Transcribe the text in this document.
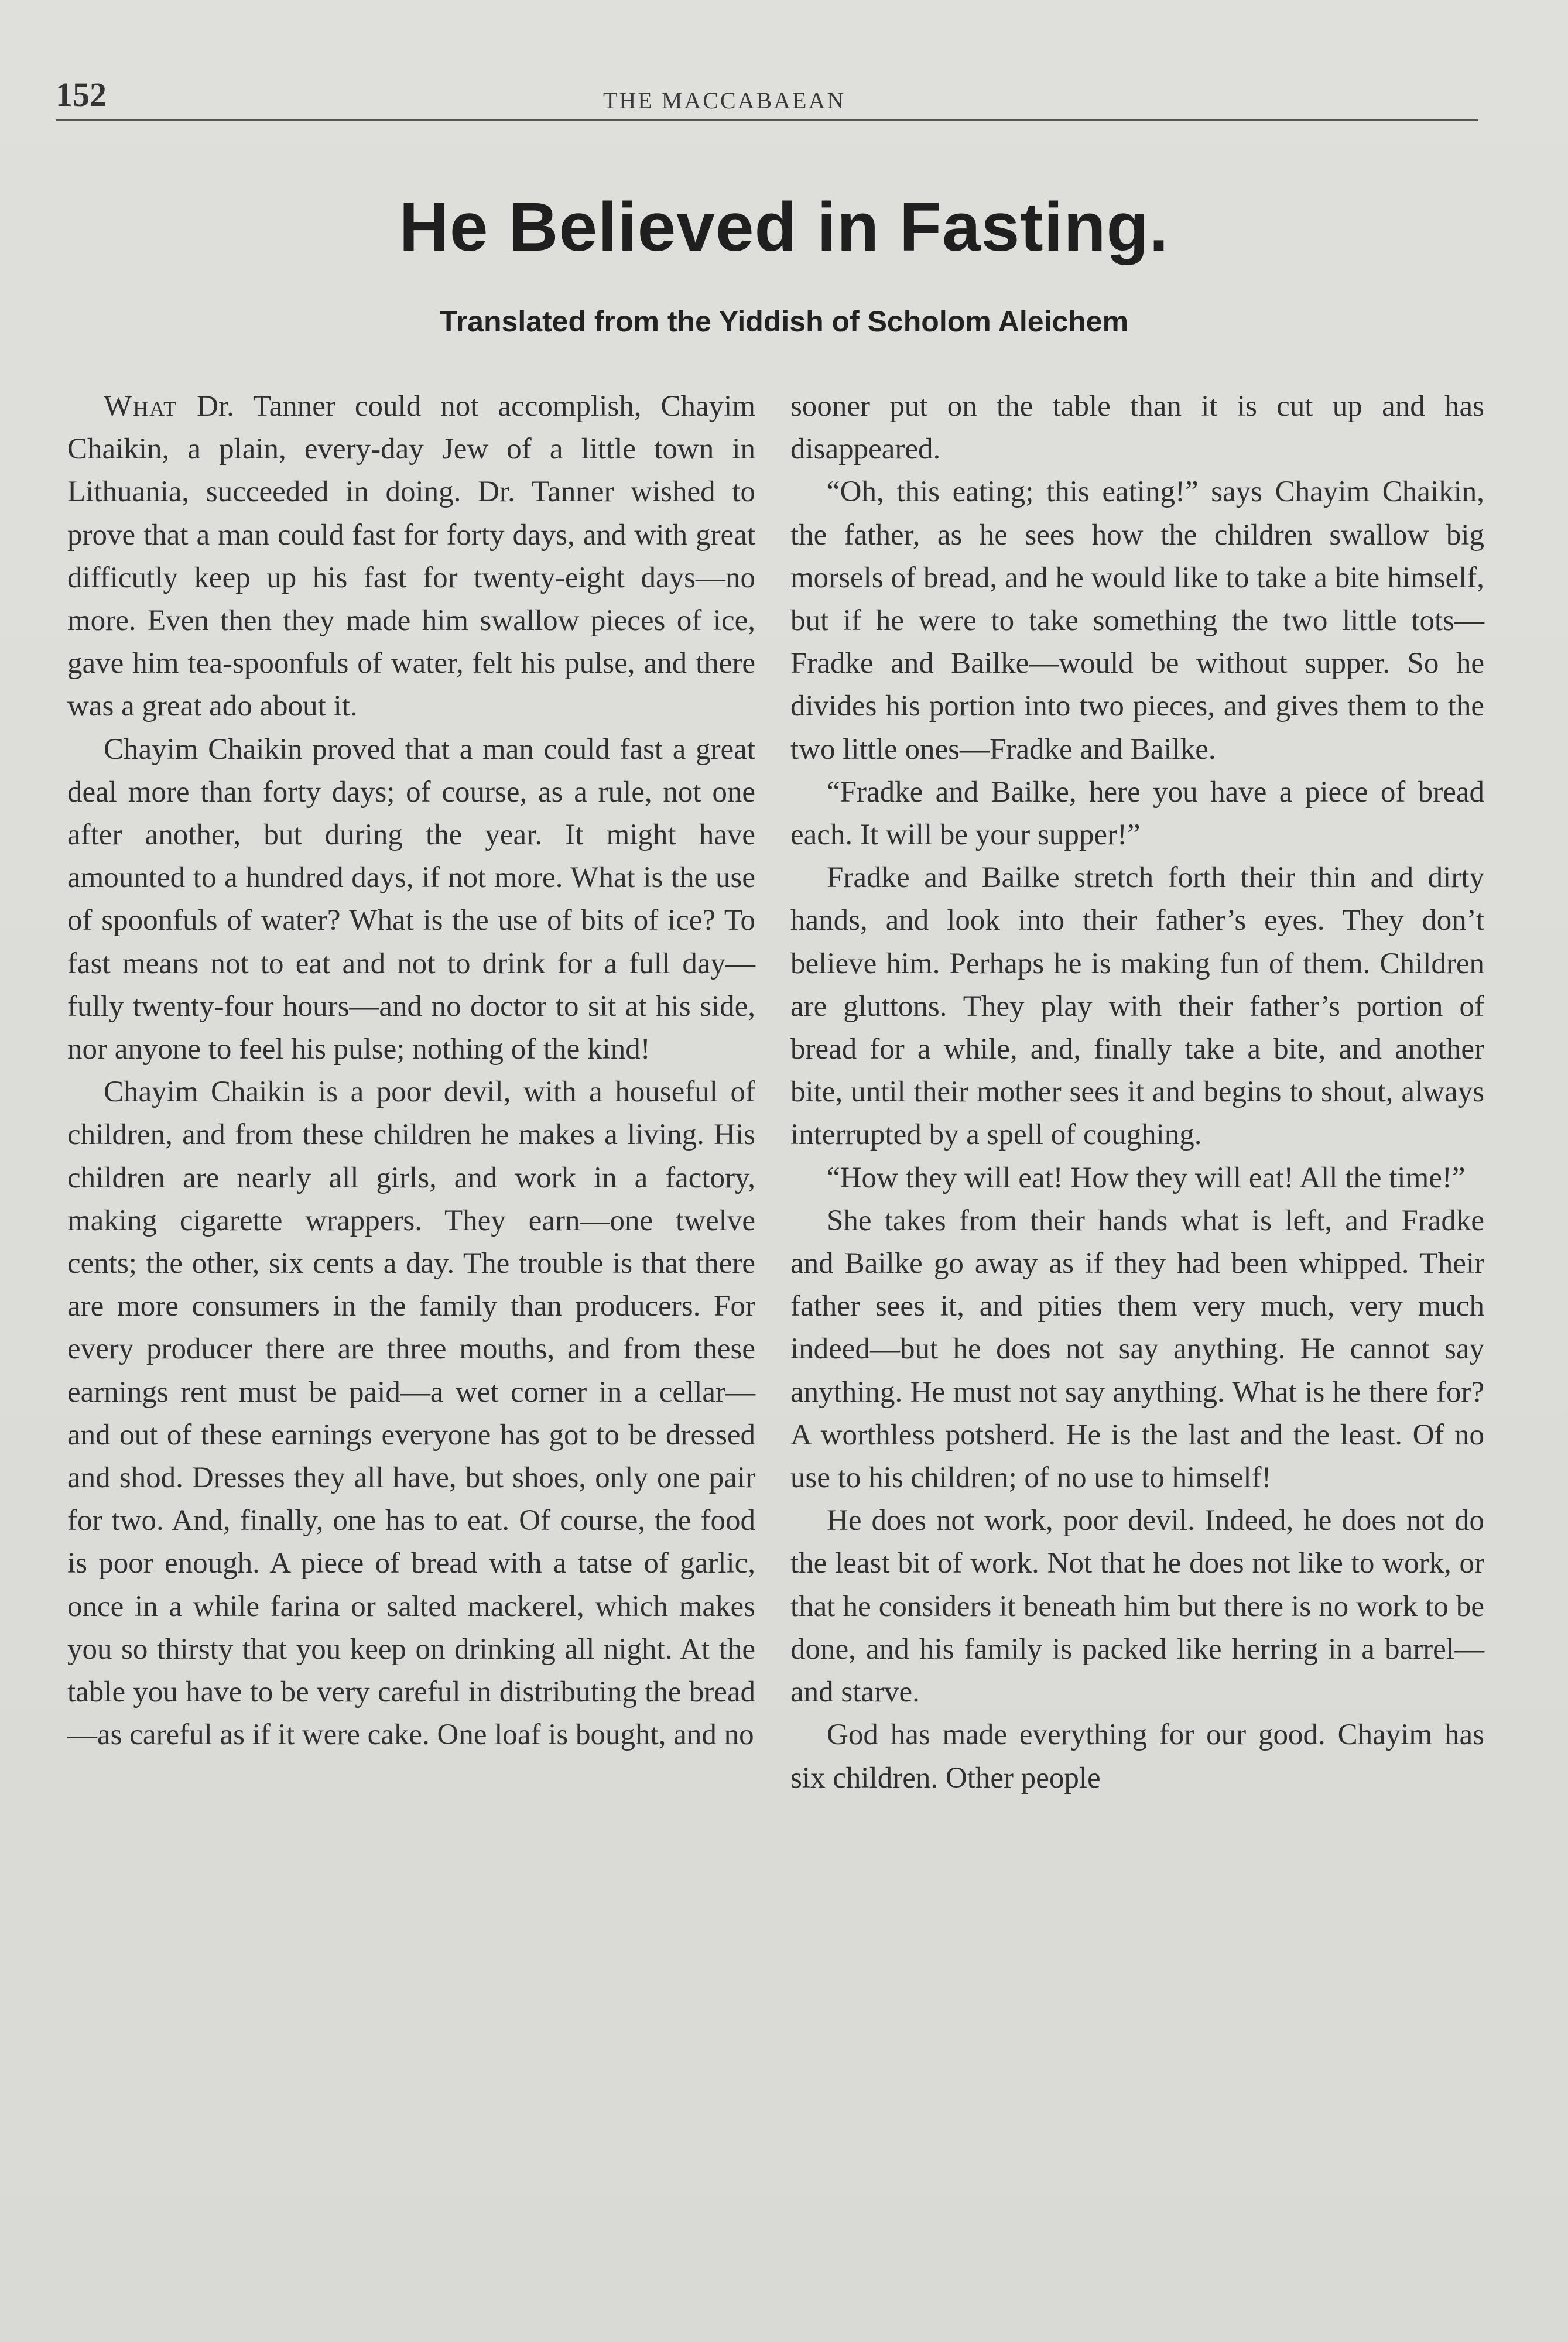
152	THE MACCABAEAN
He Believed in Fasting.
Translated from the Yiddish of Scholom Aleichem

What Dr. Tanner could not accomplish, Chayim Chaikin, a plain, every-day Jew of a little town in Lithuania, succeeded in doing. Dr. Tanner wished to prove that a man could fast for forty days, and with great difficutly keep up his fast for twenty-eight days—no more. Even then they made him swallow pieces of ice, gave him tea-spoonfuls of water, felt his pulse, and there was a great ado about it.

Chayim Chaikin proved that a man could fast a great deal more than forty days; of course, as a rule, not one after another, but during the year. It might have amounted to a hundred days, if not more. What is the use of spoonfuls of water? What is the use of bits of ice? To fast means not to eat and not to drink for a full day—fully twenty-four hours—and no doctor to sit at his side, nor anyone to feel his pulse; nothing of the kind!

Chayim Chaikin is a poor devil, with a houseful of children, and from these children he makes a living. His children are nearly all girls, and work in a factory, making cigarette wrappers. They earn—one twelve cents; the other, six cents a day. The trouble is that there are more consumers in the family than producers. For every producer there are three mouths, and from these earnings rent must be paid—a wet corner in a cellar—and out of these earnings everyone has got to be dressed and shod. Dresses they all have, but shoes, only one pair for two. And, finally, one has to eat. Of course, the food is poor enough. A piece of bread with a tatse of garlic, once in a while farina or salted mackerel, which makes you so thirsty that you keep on drinking all night. At the table you have to be very careful in distributing the bread—as careful as if it were cake. One loaf is bought, and no

sooner put on the table than it is cut up and has disappeared.

“Oh, this eating; this eating!” says Chayim Chaikin, the father, as he sees how the children swallow big morsels of bread, and he would like to take a bite himself, but if he were to take something the two little tots—Fradke and Bailke—would be without supper. So he divides his portion into two pieces, and gives them to the two little ones—Fradke and Bailke.

“Fradke and Bailke, here you have a piece of bread each. It will be your supper!”

Fradke and Bailke stretch forth their thin and dirty hands, and look into their father’s eyes. They don’t believe him. Perhaps he is making fun of them. Children are gluttons. They play with their father’s portion of bread for a while, and, finally take a bite, and another bite, until their mother sees it and begins to shout, always interrupted by a spell of coughing.

“How they will eat! How they will eat! All the time!”

She takes from their hands what is left, and Fradke and Bailke go away as if they had been whipped. Their father sees it, and pities them very much, very much indeed—but he does not say anything. He cannot say anything. He must not say anything. What is he there for? A worthless potsherd. He is the last and the least. Of no use to his children; of no use to himself!

He does not work, poor devil. Indeed, he does not do the least bit of work. Not that he does not like to work, or that he considers it beneath him but there is no work to be done, and his family is packed like herring in a barrel—and starve.

God has made everything for our good. Chayim has six children. Other people
